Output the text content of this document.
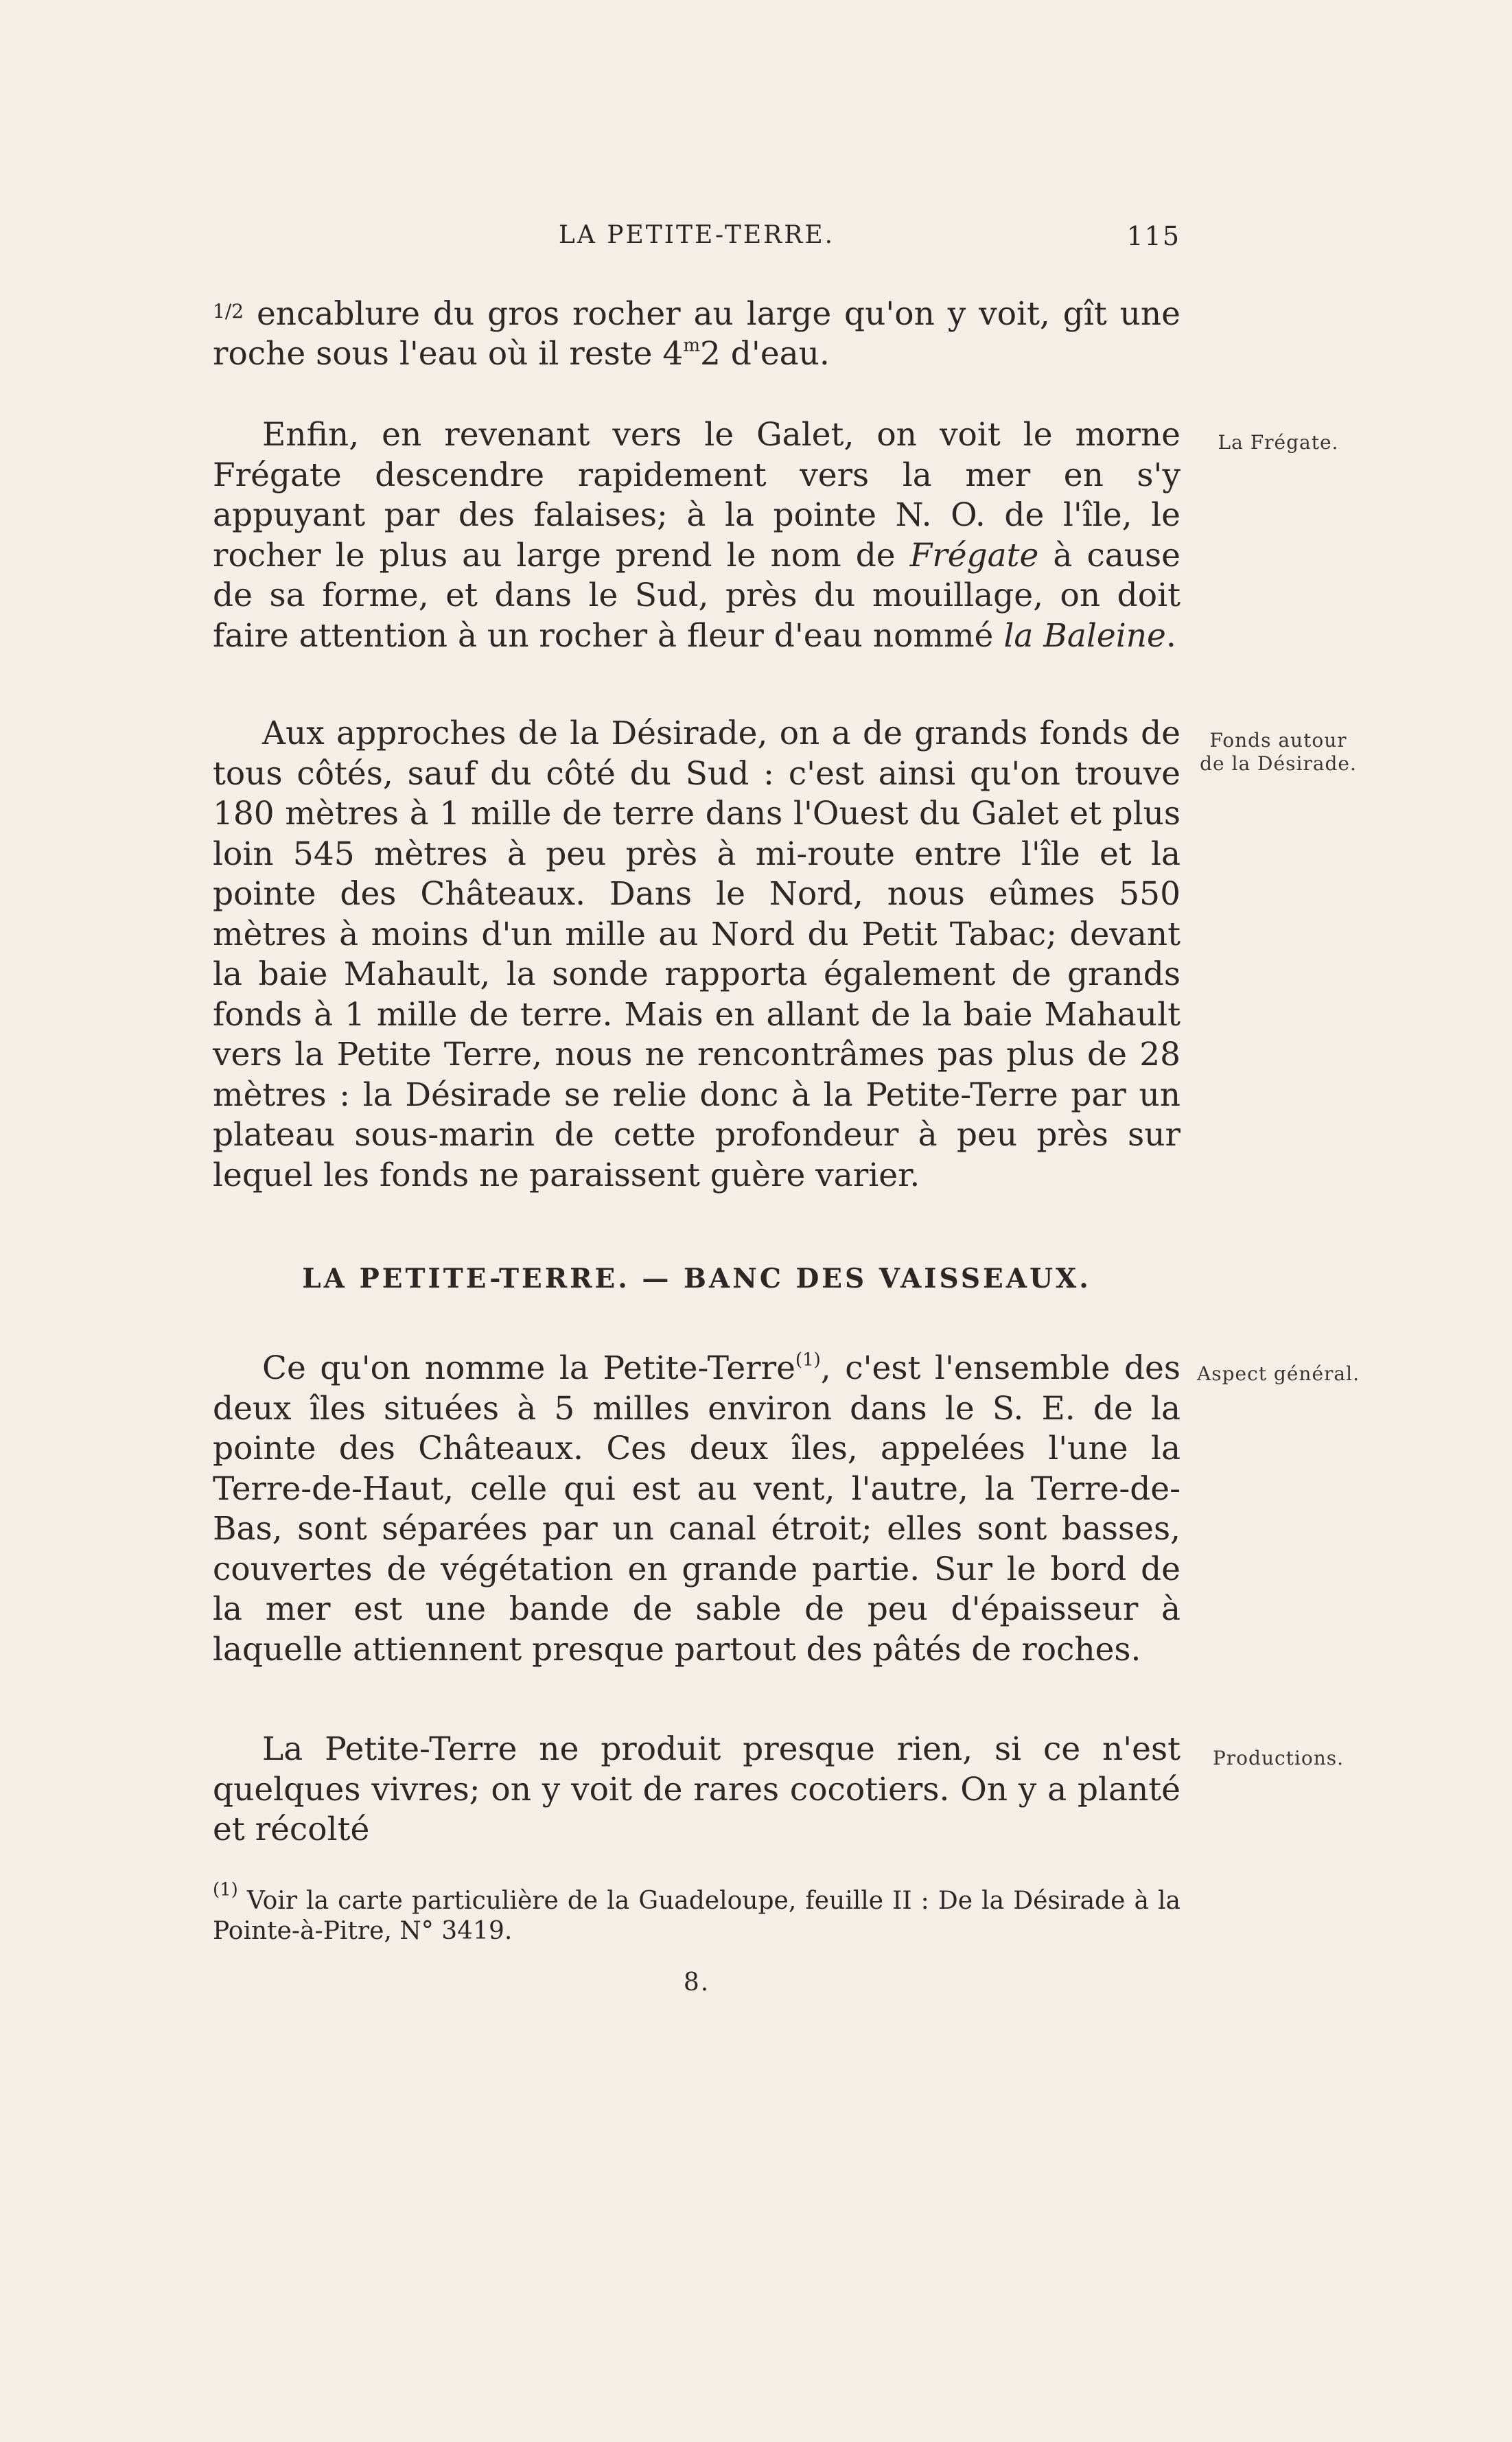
LA PETITE-TERRE.	115

$^{1/2}$ encablure du gros rocher au large qu'on y voit, gît une roche sous l'eau où il reste 4$^m$2 d'eau.

Enfin, en revenant vers le Galet, on voit le morne Frégate descendre rapidement vers la mer en s'y appuyant par des falaises; à la pointe N. O. de l'île, le rocher le plus au large prend le nom de Frégate à cause de sa forme, et dans le Sud, près du mouillage, on doit faire attention à un rocher à fleur d'eau nommé la Baleine.

Aux approches de la Désirade, on a de grands fonds de tous côtés, sauf du côté du Sud : c'est ainsi qu'on trouve 180 mètres à 1 mille de terre dans l'Ouest du Galet et plus loin 545 mètres à peu près à mi-route entre l'île et la pointe des Châteaux. Dans le Nord, nous eûmes 550 mètres à moins d'un mille au Nord du Petit Tabac; devant la baie Mahault, la sonde rapporta également de grands fonds à 1 mille de terre. Mais en allant de la baie Mahault vers la Petite Terre, nous ne rencontrâmes pas plus de 28 mètres : la Désirade se relie donc à la Petite-Terre par un plateau sous-marin de cette profondeur à peu près sur lequel les fonds ne paraissent guère varier.

LA PETITE-TERRE. — BANC DES VAISSEAUX.

Ce qu'on nomme la Petite-Terre$^{(1)}$, c'est l'ensemble des deux îles situées à 5 milles environ dans le S. E. de la pointe des Châteaux. Ces deux îles, appelées l'une la Terre-de-Haut, celle qui est au vent, l'autre, la Terre-de-Bas, sont séparées par un canal étroit; elles sont basses, couvertes de végétation en grande partie. Sur le bord de la mer est une bande de sable de peu d'épaisseur à laquelle attiennent presque partout des pâtés de roches.

La Petite-Terre ne produit presque rien, si ce n'est quelques vivres; on y voit de rares cocotiers. On y a planté et récolté

La Frégate.
Fonds autour
de la Désirade.
Aspect général.
Productions.

$^{(1)}$ Voir la carte particulière de la Guadeloupe, feuille II : De la Désirade à la Pointe-à-Pitre, N° 3419.

8.
